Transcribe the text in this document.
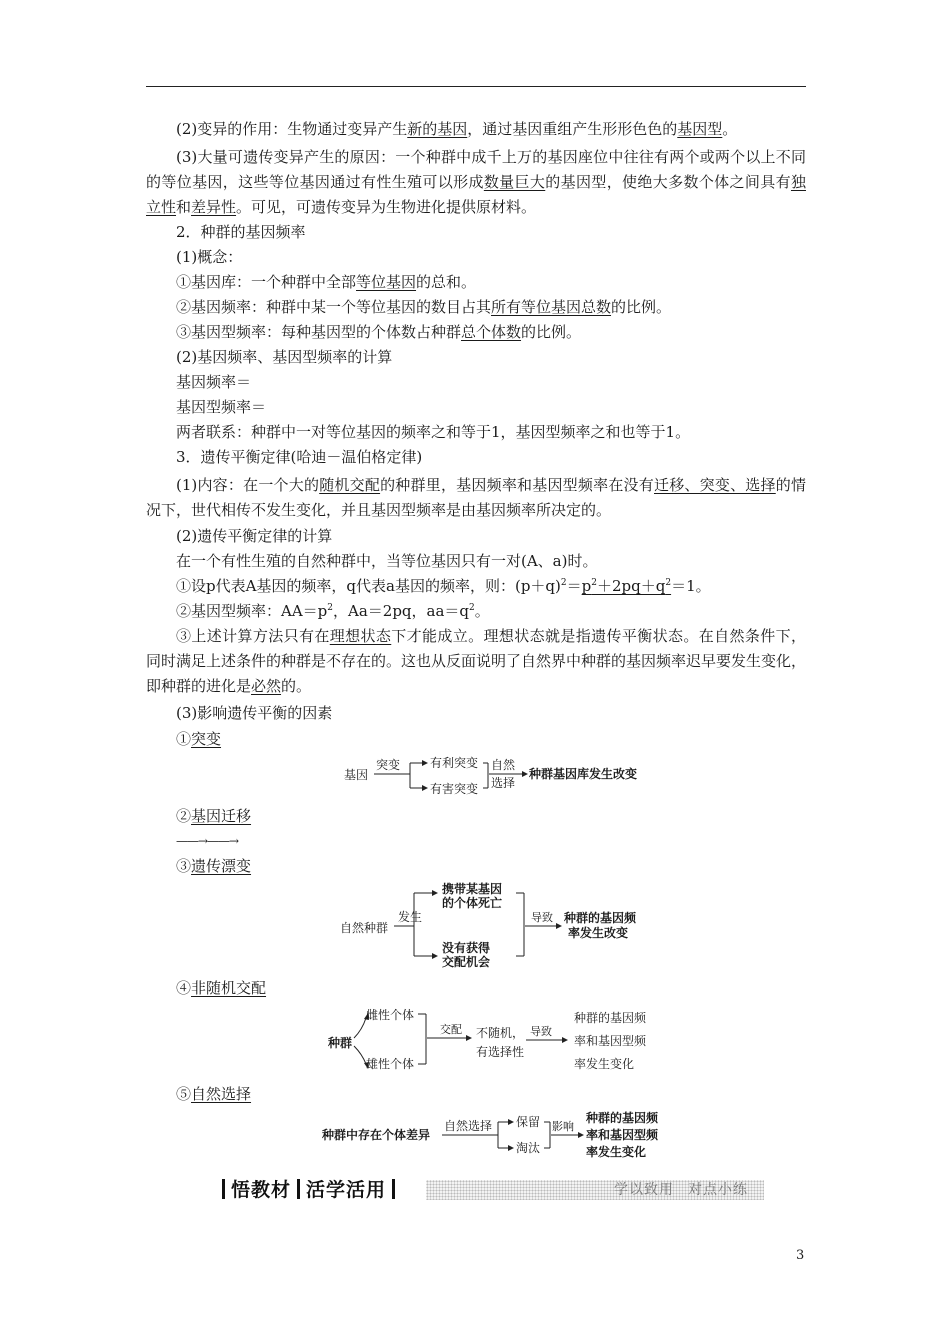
(2)变异的作用：生物通过变异产生新的基因，通过基因重组产生形形色色的基因型。
(3)大量可遗传变异产生的原因：一个种群中成千上万的基因座位中往往有两个或两个以上不同的等位基因，这些等位基因通过有性生殖可以形成数量巨大的基因型，使绝大多数个体之间具有独立性和差异性。可见，可遗传变异为生物进化提供原材料。
2．种群的基因频率
(1)概念：
①基因库：一个种群中全部等位基因的总和。
②基因频率：种群中某一个等位基因的数目占其所有等位基因总数的比例。
③基因型频率：每种基因型的个体数占种群总个体数的比例。
(2)基因频率、基因型频率的计算
基因频率＝
基因型频率＝
两者联系：种群中一对等位基因的频率之和等于1，基因型频率之和也等于1。
3．遗传平衡定律(哈迪－温伯格定律)
(1)内容：在一个大的随机交配的种群里，基因频率和基因型频率在没有迁移、突变、选择的情况下，世代相传不发生变化，并且基因型频率是由基因频率所决定的。
(2)遗传平衡定律的计算
在一个有性生殖的自然种群中，当等位基因只有一对(A、a)时。
①设p代表A基因的频率，q代表a基因的频率，则：$(p+q)^2=p^2+2pq+q^2=1$。
②基因型频率：$AA=p^2$，Aa＝2pq，$aa=q^2$。
③上述计算方法只有在理想状态下才能成立。理想状态就是指遗传平衡状态。在自然条件下，同时满足上述条件的种群是不存在的。这也从反面说明了自然界中种群的基因频率迟早要发生变化，即种群的进化是必然的。
(3)影响遗传平衡的因素
①突变
基因
突变 有利突变
有害突变
自然
选择
种群基因库发生改变
②基因迁移
——→——→
③遗传漂变
自然种群
发生
携带某基因
的个体死亡
没有获得
交配机会
导致 种群的基因频
率发生改变
④非随机交配
种群
雌性个体
雄性个体
交配 不随机，
有选择性
导致
种群的基因频
率和基因型频
率发生变化
⑤自然选择
种群中存在个体差异
自然选择 保留
淘汰
影响
种群的基因频
率和基因型频
率发生变化
悟教材 活学活用	学以致用 对点小练
3
